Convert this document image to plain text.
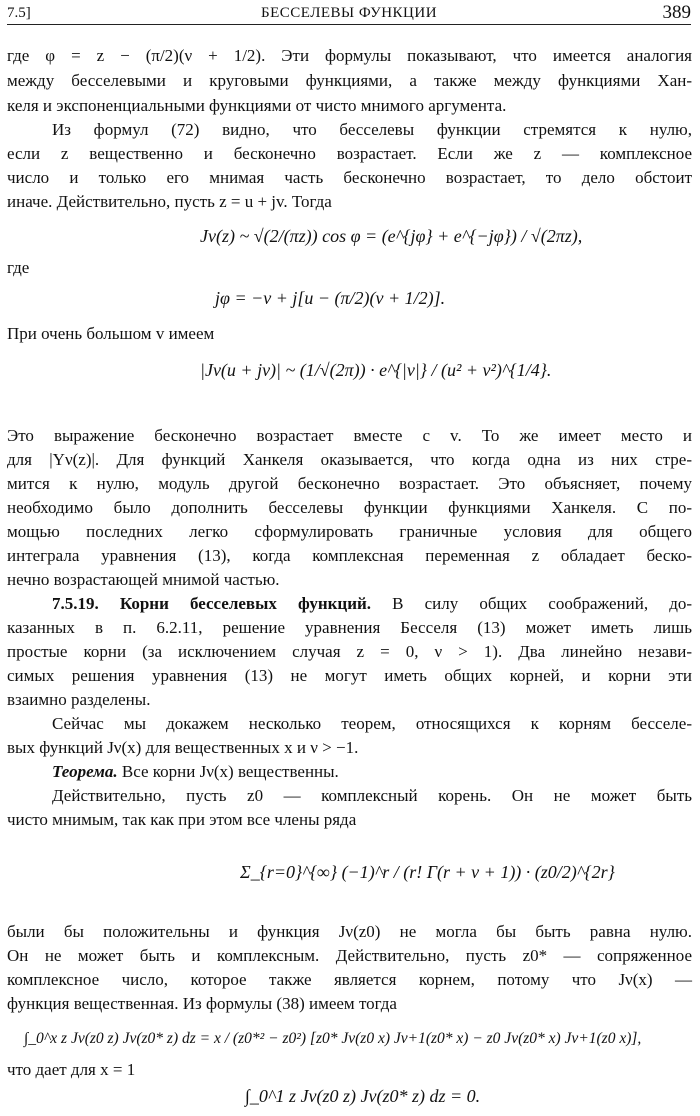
7.5]	БЕССЕЛЕВЫ ФУНКЦИИ	389
где φ = z − (π/2)(ν + 1/2). Эти формулы показывают, что имеется аналогия
между бесселевыми и круговыми функциями, а также между функциями Хан-
келя и экспоненциальными функциями от чисто мнимого аргумента.
Из формул (72) видно, что бесселевы функции стремятся к нулю,
если z вещественно и бесконечно возрастает. Если же z — комплексное
число и только его мнимая часть бесконечно возрастает, то дело обстоит
иначе. Действительно, пусть z = u + jv. Тогда
Jν(z) ~ √(2/(πz)) cos φ = (e^{jφ} + e^{−jφ}) / √(2πz),
где
jφ = −v + j[u − (π/2)(ν + 1/2)].
При очень большом v имеем
|Jν(u + jv)| ~ (1/√(2π)) · e^{|v|} / (u² + v²)^{1/4}.
Это выражение бесконечно возрастает вместе с v. То же имеет место и
для |Yν(z)|. Для функций Ханкеля оказывается, что когда одна из них стре-
мится к нулю, модуль другой бесконечно возрастает. Это объясняет, почему
необходимо было дополнить бесселевы функции функциями Ханкеля. С по-
мощью последних легко сформулировать граничные условия для общего
интеграла уравнения (13), когда комплексная переменная z обладает беско-
нечно возрастающей мнимой частью.
7.5.19. Корни бесселевых функций. В силу общих соображений, до-
казанных в п. 6.2.11, решение уравнения Бесселя (13) может иметь лишь
простые корни (за исключением случая z = 0, ν > 1). Два линейно незави-
симых решения уравнения (13) не могут иметь общих корней, и корни эти
взаимно разделены.
Сейчас мы докажем несколько теорем, относящихся к корням бесселе-
вых функций Jν(x) для вещественных x и ν > −1.
Теорема. Все корни Jν(x) вещественны.
Действительно, пусть z0 — комплексный корень. Он не может быть
чисто мнимым, так как при этом все члены ряда
Σ_{r=0}^{∞} (−1)^r / (r! Γ(r + ν + 1)) · (z0/2)^{2r}
были бы положительны и функция Jν(z0) не могла бы быть равна нулю.
Он не может быть и комплексным. Действительно, пусть z0* — сопряженное
комплексное число, которое также является корнем, потому что Jν(x) —
функция вещественная. Из формулы (38) имеем тогда
∫_0^x z Jν(z0 z) Jν(z0* z) dz = x / (z0*² − z0²) [z0* Jν(z0 x) Jν+1(z0* x) − z0 Jν(z0* x) Jν+1(z0 x)],
что дает для x = 1
∫_0^1 z Jν(z0 z) Jν(z0* z) dz = 0.
